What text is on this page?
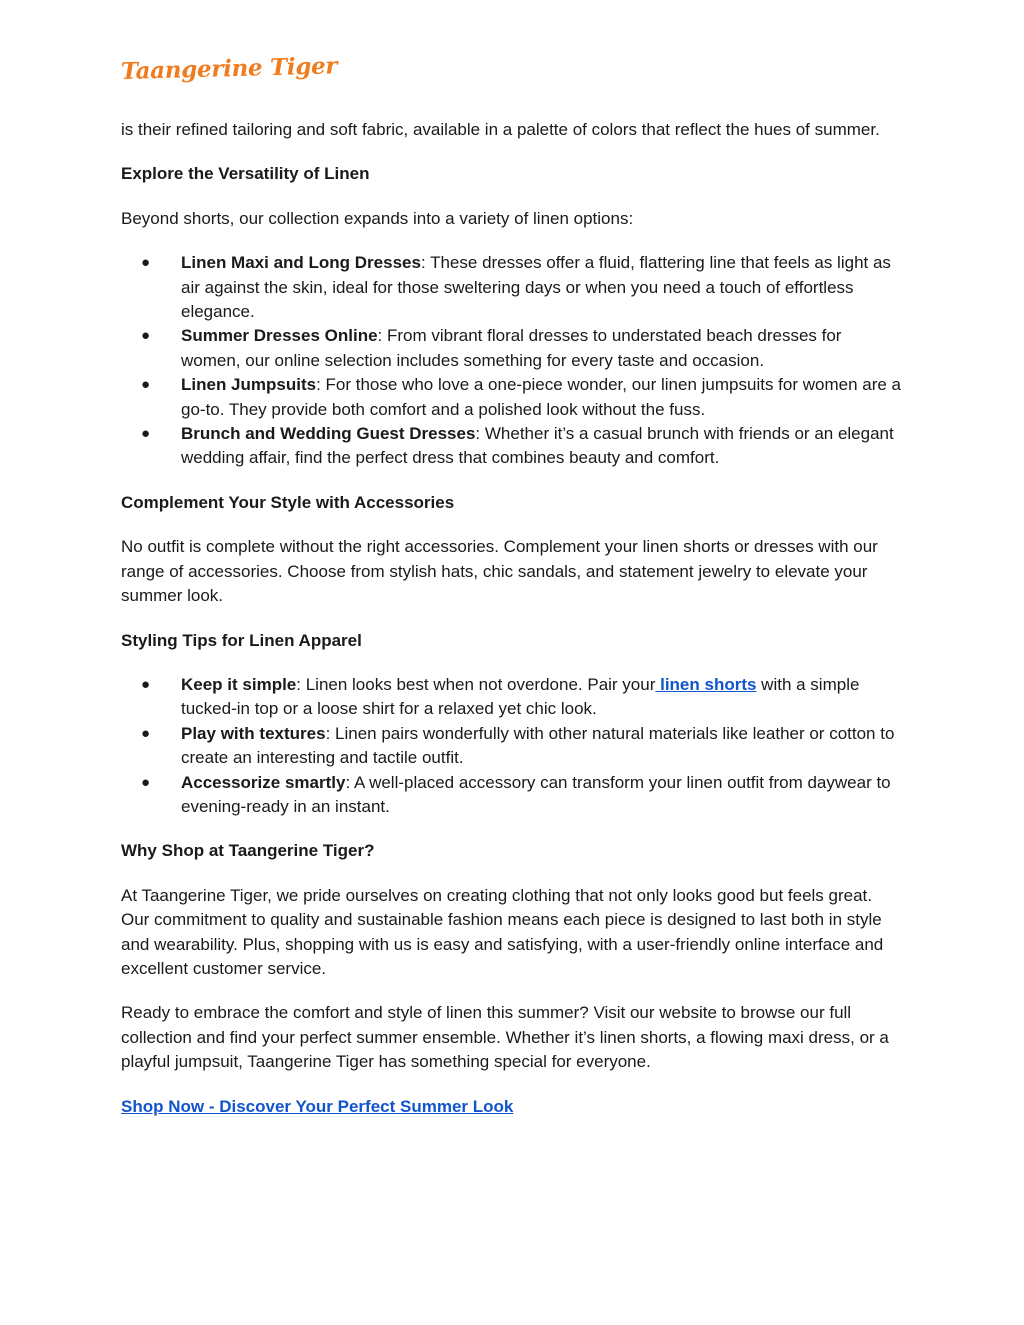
Taangerine Tiger

is their refined tailoring and soft fabric, available in a palette of colors that reflect the hues of summer.

Explore the Versatility of Linen

Beyond shorts, our collection expands into a variety of linen options:

● Linen Maxi and Long Dresses: These dresses offer a fluid, flattering line that feels as light as air against the skin, ideal for those sweltering days or when you need a touch of effortless elegance.
● Summer Dresses Online: From vibrant floral dresses to understated beach dresses for women, our online selection includes something for every taste and occasion.
● Linen Jumpsuits: For those who love a one-piece wonder, our linen jumpsuits for women are a go-to. They provide both comfort and a polished look without the fuss.
● Brunch and Wedding Guest Dresses: Whether it’s a casual brunch with friends or an elegant wedding affair, find the perfect dress that combines beauty and comfort.

Complement Your Style with Accessories

No outfit is complete without the right accessories. Complement your linen shorts or dresses with our range of accessories. Choose from stylish hats, chic sandals, and statement jewelry to elevate your summer look.

Styling Tips for Linen Apparel

● Keep it simple: Linen looks best when not overdone. Pair your linen shorts with a simple tucked-in top or a loose shirt for a relaxed yet chic look.
● Play with textures: Linen pairs wonderfully with other natural materials like leather or cotton to create an interesting and tactile outfit.
● Accessorize smartly: A well-placed accessory can transform your linen outfit from daywear to evening-ready in an instant.

Why Shop at Taangerine Tiger?

At Taangerine Tiger, we pride ourselves on creating clothing that not only looks good but feels great. Our commitment to quality and sustainable fashion means each piece is designed to last both in style and wearability. Plus, shopping with us is easy and satisfying, with a user-friendly online interface and excellent customer service.

Ready to embrace the comfort and style of linen this summer? Visit our website to browse our full collection and find your perfect summer ensemble. Whether it’s linen shorts, a flowing maxi dress, or a playful jumpsuit, Taangerine Tiger has something special for everyone.

Shop Now - Discover Your Perfect Summer Look
